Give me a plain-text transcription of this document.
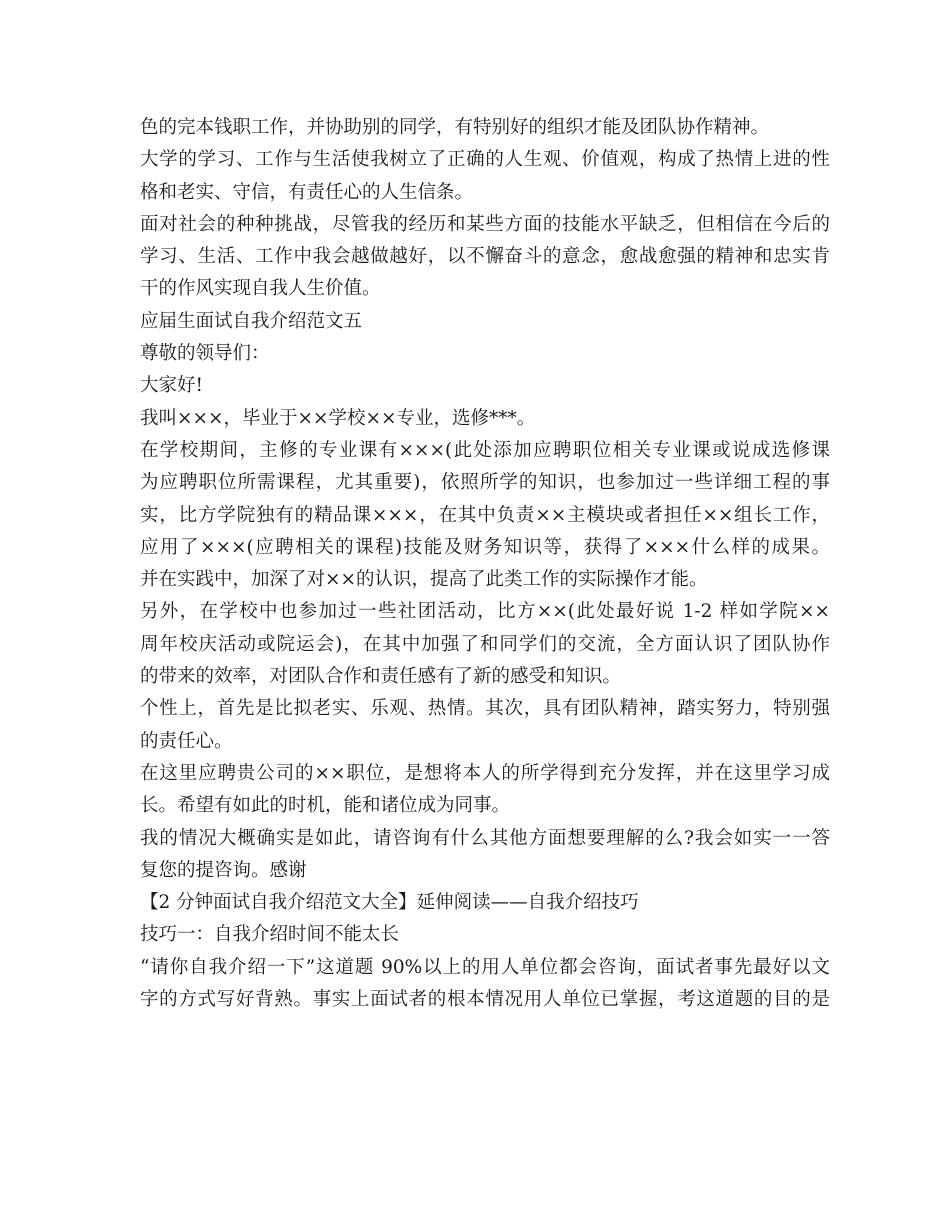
色的完本钱职工作，并协助别的同学，有特别好的组织才能及团队协作精神。
大学的学习、工作与生活使我树立了正确的人生观、价值观，构成了热情上进的性
格和老实、守信，有责任心的人生信条。
面对社会的种种挑战，尽管我的经历和某些方面的技能水平缺乏，但相信在今后的
学习、生活、工作中我会越做越好，以不懈奋斗的意念，愈战愈强的精神和忠实肯
干的作风实现自我人生价值。
应届生面试自我介绍范文五
尊敬的领导们：
大家好!
我叫×××，毕业于××学校××专业，选修***。
在学校期间，主修的专业课有×××(此处添加应聘职位相关专业课或说成选修课
为应聘职位所需课程，尤其重要)，依照所学的知识，也参加过一些详细工程的事
实，比方学院独有的精品课×××，在其中负责××主模块或者担任××组长工作，
应用了×××(应聘相关的课程)技能及财务知识等，获得了×××什么样的成果。
并在实践中，加深了对××的认识，提高了此类工作的实际操作才能。
另外，在学校中也参加过一些社团活动，比方××(此处最好说 1-2 样如学院××
周年校庆活动或院运会)，在其中加强了和同学们的交流，全方面认识了团队协作
的带来的效率，对团队合作和责任感有了新的感受和知识。
个性上，首先是比拟老实、乐观、热情。其次，具有团队精神，踏实努力，特别强
的责任心。
在这里应聘贵公司的××职位，是想将本人的所学得到充分发挥，并在这里学习成
长。希望有如此的时机，能和诸位成为同事。
我的情况大概确实是如此，请咨询有什么其他方面想要理解的么?我会如实一一答
复您的提咨询。感谢
【2 分钟面试自我介绍范文大全】延伸阅读——自我介绍技巧
技巧一：自我介绍时间不能太长
“请你自我介绍一下”这道题 90%以上的用人单位都会咨询，面试者事先最好以文
字的方式写好背熟。事实上面试者的根本情况用人单位已掌握，考这道题的目的是
